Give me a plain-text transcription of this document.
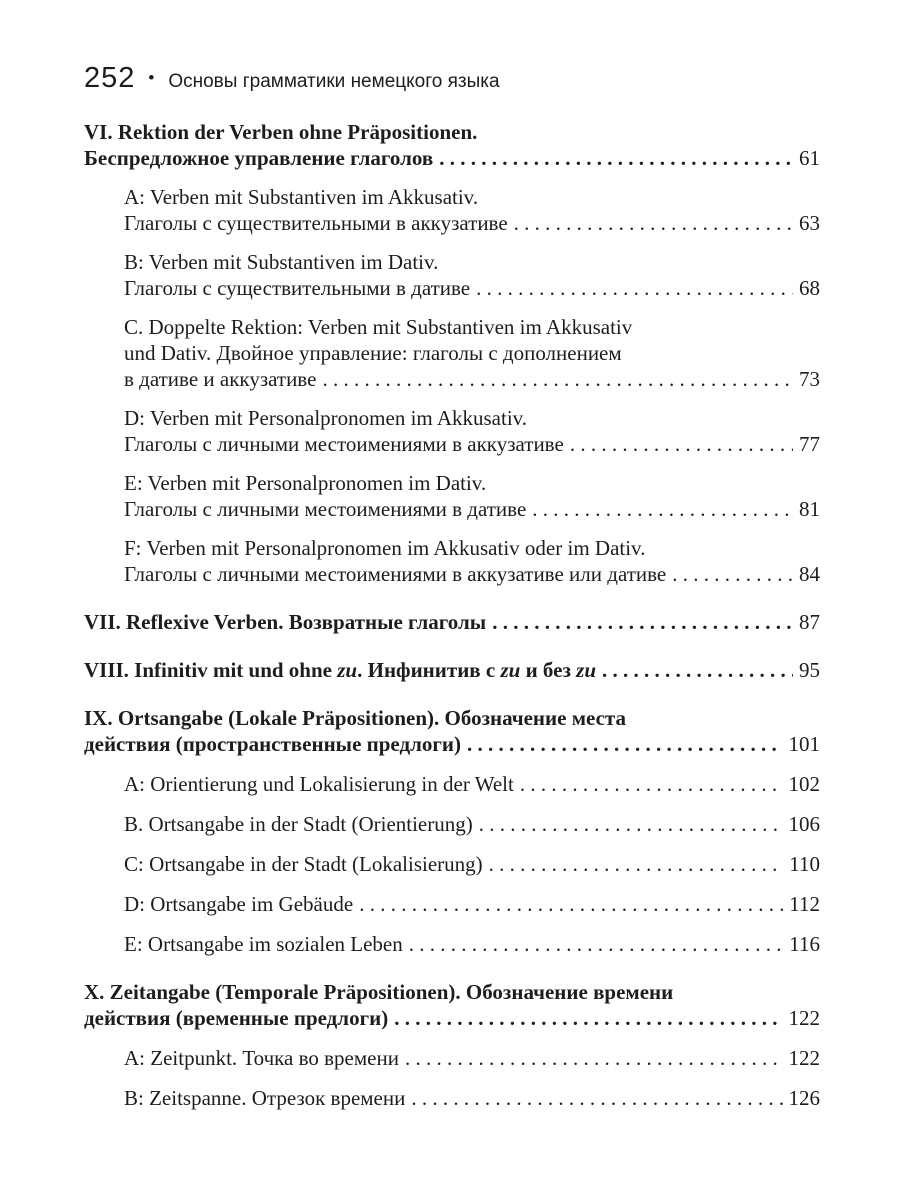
252 • Основы грамматики немецкого языка
VI. Rektion der Verben ohne Präpositionen.
Беспредложное управление глаголов . . .	61
A: Verben mit Substantiven im Akkusativ.
Глаголы с существительными в аккузативе . . .	63
B: Verben mit Substantiven im Dativ.
Глаголы с существительными в дативе . . .	68
C. Doppelte Rektion: Verben mit Substantiven im Akkusativ
und Dativ. Двойное управление: глаголы с дополнением
в дативе и аккузативе . . .	73
D: Verben mit Personalpronomen im Akkusativ.
Глаголы с личными местоимениями в аккузативе . . .	77
E: Verben mit Personalpronomen im Dativ.
Глаголы с личными местоимениями в дативе . . .	81
F: Verben mit Personalpronomen im Akkusativ oder im Dativ.
Глаголы с личными местоимениями в аккузативе или дативе . . .	84
VII. Reflexive Verben. Возвратные глаголы . . .	87
VIII. Infinitiv mit und ohne zu. Инфинитив с zu и без zu . . .	95
IX. Ortsangabe (Lokale Präpositionen). Обозначение места
действия (пространственные предлоги) . . .	101
A: Orientierung und Lokalisierung in der Welt . . .	102
B. Ortsangabe in der Stadt (Orientierung) . . .	106
C: Ortsangabe in der Stadt (Lokalisierung) . . .	110
D: Ortsangabe im Gebäude . . .	112
E: Ortsangabe im sozialen Leben . . .	116
X. Zeitangabe (Temporale Präpositionen). Обозначение времени
действия (временные предлоги) . . .	122
A: Zeitpunkt. Точка во времени . . .	122
B: Zeitspanne. Отрезок времени . . .	126
